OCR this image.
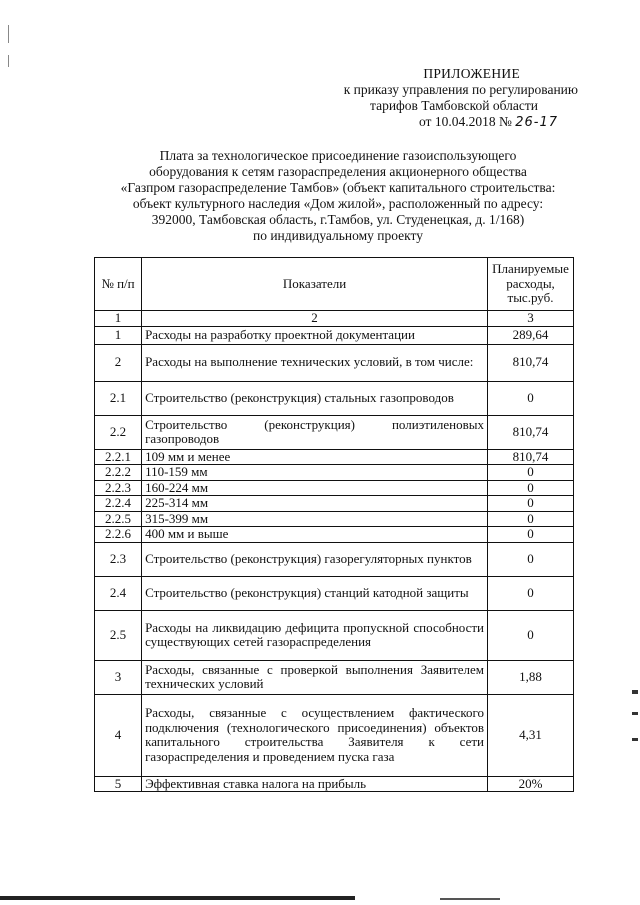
ПРИЛОЖЕНИЕ
к приказу управления по регулированию
тарифов Тамбовской области
от 10.04.2018 № 26-17
Плата за технологическое присоединение газоиспользующего
оборудования к сетям газораспределения акционерного общества
«Газпром газораспределение Тамбов» (объект капитального строительства:
объект культурного наследия «Дом жилой», расположенный по адресу:
392000, Тамбовская область, г.Тамбов, ул. Студенецкая, д. 1/168)
по индивидуальному проекту
№ п/п	Показатели	Планируемые расходы, тыс.руб.
1	2	3
1	Расходы на разработку проектной документации	289,64
2	Расходы на выполнение технических условий, в том числе:	810,74
2.1	Строительство (реконструкция) стальных газопроводов	0
2.2	Строительство (реконструкция) полиэтиленовых газопроводов	810,74
2.2.1	109 мм и менее	810,74
2.2.2	110-159 мм	0
2.2.3	160-224 мм	0
2.2.4	225-314 мм	0
2.2.5	315-399 мм	0
2.2.6	400 мм и выше	0
2.3	Строительство (реконструкция) газорегуляторных пунктов	0
2.4	Строительство (реконструкция) станций катодной защиты	0
2.5	Расходы на ликвидацию дефицита пропускной способности существующих сетей газораспределения	0
3	Расходы, связанные с проверкой выполнения Заявителем технических условий	1,88
4	Расходы, связанные с осуществлением фактического подключения (технологического присоединения) объектов капитального строительства Заявителя к сети газораспределения и проведением пуска газа	4,31
5	Эффективная ставка налога на прибыль	20%
